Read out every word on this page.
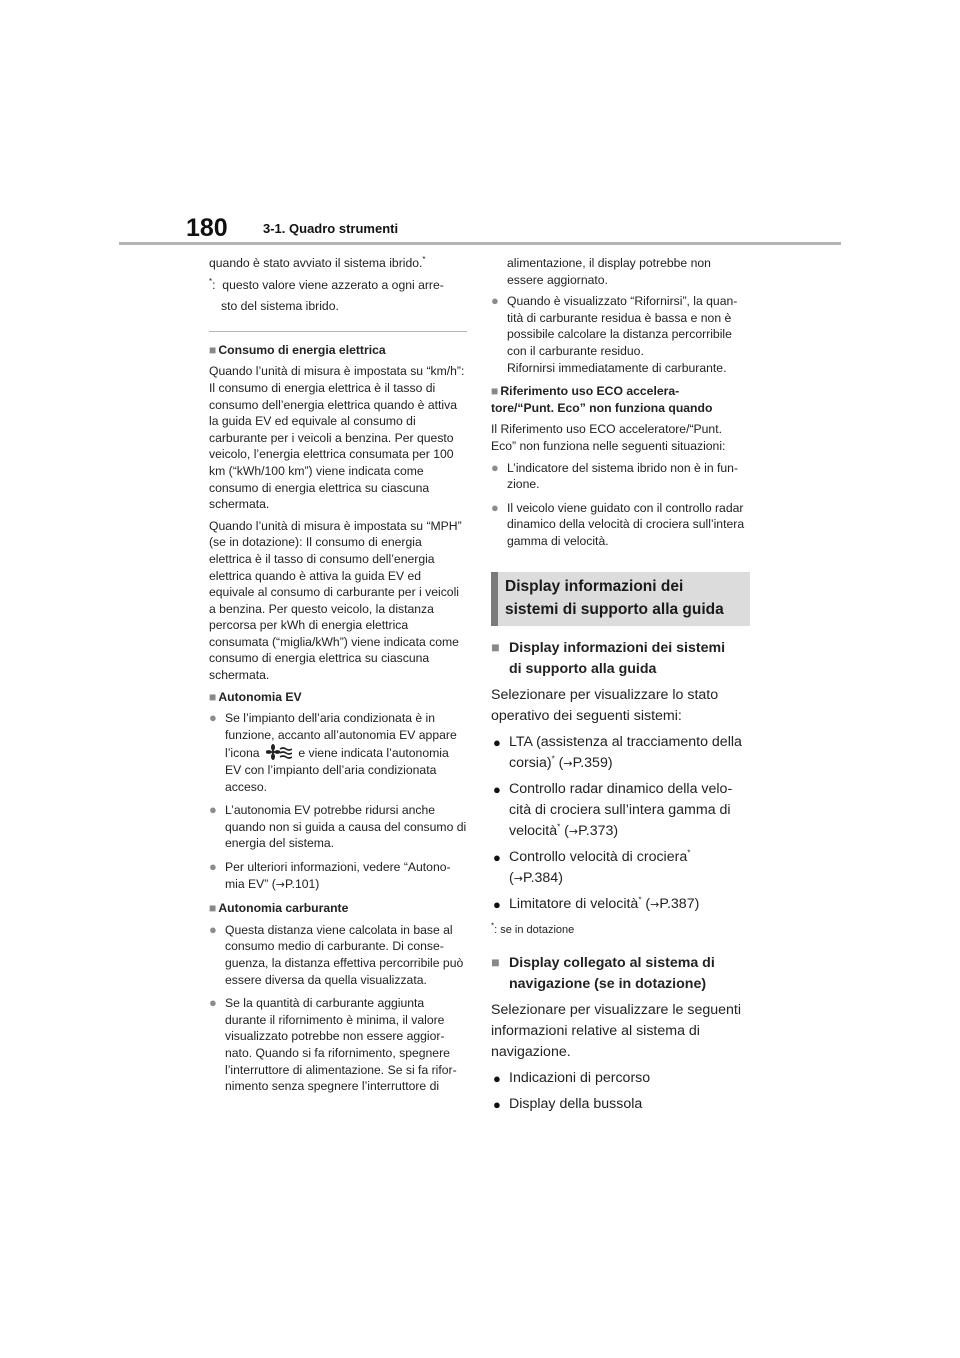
180	3-1. Quadro strumenti

quando è stato avviato il sistema ibrido.*

*: questo valore viene azzerato a ogni arre-

sto del sistema ibrido.

■ Consumo di energia elettrica

Quando l’unità di misura è impostata su “km/h”: Il consumo di energia elettrica è il tasso di consumo dell’energia elettrica quando è attiva la guida EV ed equivale al consumo di carburante per i veicoli a benzina. Per questo veicolo, l’energia elettrica consumata per 100 km (“kWh/100 km”) viene indicata come consumo di energia elettrica su ciascuna schermata.

Quando l’unità di misura è impostata su “MPH” (se in dotazione): Il consumo di energia elettrica è il tasso di consumo dell’energia elettrica quando è attiva la guida EV ed equivale al consumo di carburante per i veicoli a benzina. Per questo veicolo, la distanza percorsa per kWh di energia elettrica consumata (“miglia/kWh”) viene indicata come consumo di energia elettrica su ciascuna schermata.

■ Autonomia EV

● Se l’impianto dell’aria condizionata è in funzione, accanto all’autonomia EV appare l’icona	e viene indicata l’autonomia EV con l’impianto dell’aria condizionata acceso.
● L’autonomia EV potrebbe ridursi anche quando non si guida a causa del consumo di energia del sistema.
● Per ulteriori informazioni, vedere “Autono- mia EV” (→P.101)

■ Autonomia carburante

● Questa distanza viene calcolata in base al consumo medio di carburante. Di conse- guenza, la distanza effettiva percorribile può essere diversa da quella visualizzata.
● Se la quantità di carburante aggiunta durante il rifornimento è minima, il valore visualizzato potrebbe non essere aggior- nato. Quando si fa rifornimento, spegnere l’interruttore di alimentazione. Se si fa rifor- nimento senza spegnere l’interruttore di

alimentazione, il display potrebbe non essere aggiornato.

● Quando è visualizzato “Rifornirsi”, la quan- tità di carburante residua è bassa e non è possibile calcolare la distanza percorribile con il carburante residuo.
Rifornirsi immediatamente di carburante.

■ Riferimento uso ECO accelera-
tore/“Punt. Eco” non funziona quando

Il Riferimento uso ECO acceleratore/“Punt. Eco” non funziona nelle seguenti situazioni:

● L’indicatore del sistema ibrido non è in fun- zione.
● Il veicolo viene guidato con il controllo radar dinamico della velocità di crociera sull’intera gamma di velocità.
Display informazioni dei
sistemi di supporto alla guida

■ Display informazioni dei sistemi
di supporto alla guida

Selezionare per visualizzare lo stato operativo dei seguenti sistemi:

● LTA (assistenza al tracciamento della corsia)* (→P.359)
● Controllo radar dinamico della velo- cità di crociera sull’intera gamma di velocità* (→P.373)
● Controllo velocità di crociera*
(→P.384)
● Limitatore di velocità* (→P.387)

*: se in dotazione

■ Display collegato al sistema di
navigazione (se in dotazione)

Selezionare per visualizzare le seguenti informazioni relative al sistema di navigazione.

● Indicazioni di percorso
● Display della bussola
